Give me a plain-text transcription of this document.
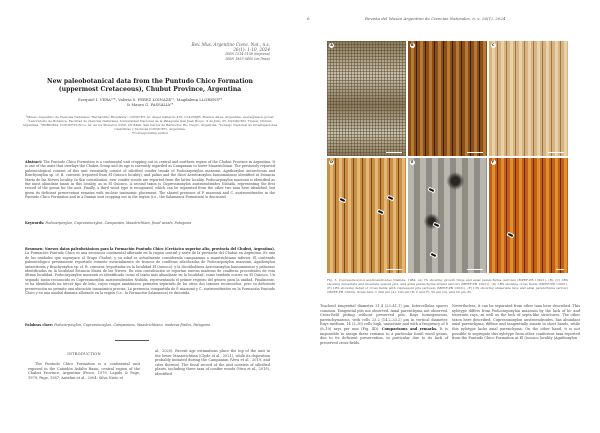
Rev. Mus. Argentino Cienc. Nat., n.s.
26(1): 1-10, 2024
ISSN 1514-5158 (impresa)
ISSN 1853-0400 (en línea)
New paleobotanical data from the Puntudo Chico Formation
(uppermost Cretaceous), Chubut Province, Argentina
Ezequiel I. VERA¹²*, Valeria S. PEREZ LOINAZE¹², Magdalena LLORENS³⁴
& Mauro G. PASSALIA²⁴
¹Museo Argentino de Ciencias Naturales "Bernardino Rivadavia", CONICET. Av. Ángel Gallardo 470, C1405DJR, Buenos Aires, Argentina. evera@macn.gov.ar. ²Laboratorio de Botánica, Facultad de Ciencias Naturales, Universidad Nacional de la Patagonia San Juan Bosco. 9 de Julio 25, U9100CKN, Trelew, Chubut, Argentina. ³INIBIOMA, CONICET-UNCo. Av. de los Pioneros 2350, CP 8400, San Carlos de Bariloche, Río Negro, Argentina. ⁴Consejo Nacional de Investigaciones Científicas y Técnicas (CONICET), Argentina.
*Corresponding author
Abstract: The Puntudo Chico Formation is a continental unit cropping out in central and northern region of the Chubut Province in Argentina. It is one of the units that overlays the Chubut Group and its age is currently regarded as Campanian to lower Maastrichtian. The previously reported paleontological content of this unit essentially consist of silicified conifer trunks of Podocarpoxylon mazzonii, Agathoxylon antarcticum and Brachyoxylon sp. cf. B. currorsii (reported from El Quiosco locality), and palms and the dicot Aerotoxoxylon bausomnionse identified at Estancia María de las Nieves locality. In this contribution, new conifer woods are reported from the latter locality. Podocarpoxylon mazzonii is identified as the most abundant taxon in this locality, as in El Quiosco. A second taxon is Cupressinoxylon austroendroides Nishida, representing the first record of the genus for the unit. Finally, a third wood type is recognized, which can be separated from the other two taxa here identified, but given its deficient preservation remains with unclear taxonomic placement. The shared presence of P. mazzonii and C. austroendroides in the Puntudo Chico Formation and in a Danian unit cropping out in the region (i.e., the Salamanca Formation) is discussed.
Keywords: Podocarpoxylon, Cupressinoxylon, Campanian, Maastrichtian, fossil woods, Patagonia
Resumen: Nuevos datos paleobotánicos para la Formación Puntudo Chico (Cretácico superior alto, provincia del Chubut, Argentina). La Formación Puntudo Chico es una secuencia continental aflorante en la región central y norte de la provincia del Chubut en Argentina. Es una de las unidades que suprayace al Grupo Chubut, y su edad es actualmente considerada campaniana a maastrichtiana inferior. El contenido paleontológico previamente reportado consiste esencialmente de troncos de coníferas silicificadas de Podocarpoxylon mazzonii, Agathoxylon antarcticum y Brachyoxylon sp. cf. B. currorsii (reportadas en la localidad El Quiosco), y la dicotiledónea Aerotoxoxylon bausomnionse y palmeras identificadas en la localidad Estancia María de las Nieves. En esta contribución se reportan nuevas maderas de coníferas procedentes de esta última localidad. Podocarpoxylon mazzonii es identificado como el taxón más abundante en la localidad, como también ocurre en El Quiosco. Un segundo taxón reconocido es Cupressinoxylon austroendroides Nishida, representando el primer registro del género para la unidad. Finalmente, se ha identificado un tercer tipo de leño, cuyos rasgos anatómicos permiten separarlo de los otros dos taxones reconocidos, pero su deficiente preservación no permite una ubicación taxonómica precisa. La presencia compartida de P. mazzonii y C. austroendroides en la Formación Puntudo Chico y en una unidad daniana aflorante en la región (i.e., la Formación Salamanca) es discutida.
Palabras clave: Podocarpoxylon, Cupressinoxylon, Campaniano, Maastrichtiano, maderas fósiles, Patagonia
INTRODUCTION
The Puntudo Chico Formation is a continental unit exposed in the Cañadón Asfalto Basin, central region of the Chubut Province, Argentina (Pesce, 1979, Lapido & Page, 1979; Page, 1987; Anselmi et al., 2004; Silva Nieto et
al., 2020). Recent age estimations place the top of the unit in the lower Maastrichtian (Clyde et al., 2021), while its deposition probably initiated during the Campanian (Vera et al., 2019, and cites therein). The fossil record of the unit consists of silicified plants, including three taxa of conifer woods (Vera et al., 2019), identified
6	Revista del Museo Argentino de Ciencias Naturales, n. s. 26(1), 2024
A	B	C
D	E	F
Fig. 3. Cupressinoxylon austroendroides Nishida, 1984. (A) TS showing growth rings and axial parenchyma (arrows) (MPEF-PB 13021). (B), (C) LRS showing uniseriate and biseriate spaced pits, and axial parenchyma strand (arrow) (MPEF-PB 13021). (D) LRS showing cross fields (MPEF-PB 13021). (E) LRS showing detail of cross fields with cupressoid pits (arrows) (MPEF-PB 13021). (F) LTS showing uniseriate rays and axial parenchyma (arrow) (MPEF-PB 13023). Scale bars = 200 µm (A); 100 µm (B, C and F), 50 µm (D), and 20 µm (E).
Tracheid tangential diameter 31.4 (23–41.1) µm. Intercellular spaces common. Tangential pits not observed. Axial parenchyma not observed. Cross-field pitting without preserved pits. Rays homogeneous, parenchymatous, with cells 23.2 (14.2–33.2) µm in vertical diameter. Rays medium, 14 (3–30) cells high, uniseriate and with a frequency of 8 (6–10) rays per mm (Fig. 4D). Comparisons and remarks. It is impossible to assign these remains to a particular fossil wood genus, due to its deficient preservation, in particular due to its lack of preserved cross-fields.
Nevertheless, it can be separated from other taxa here described. This xylotype differs from Podocarpoxylon mazzonii by the lack of bi- and triseriate rays, as well as the lack of septa-like structures. The other taxon here described, Cupressinoxylon austroendroides, has abundant axial parenchyma, diffuse and tangentially zonate in short bands, while this xylotype lacks axial parenchyma. On the other hand, it is not possible to segregate this xylotype from other coniferous taxa reported from the Puntudo Chico Formation at El Quiosco locality (Agathoxylon
